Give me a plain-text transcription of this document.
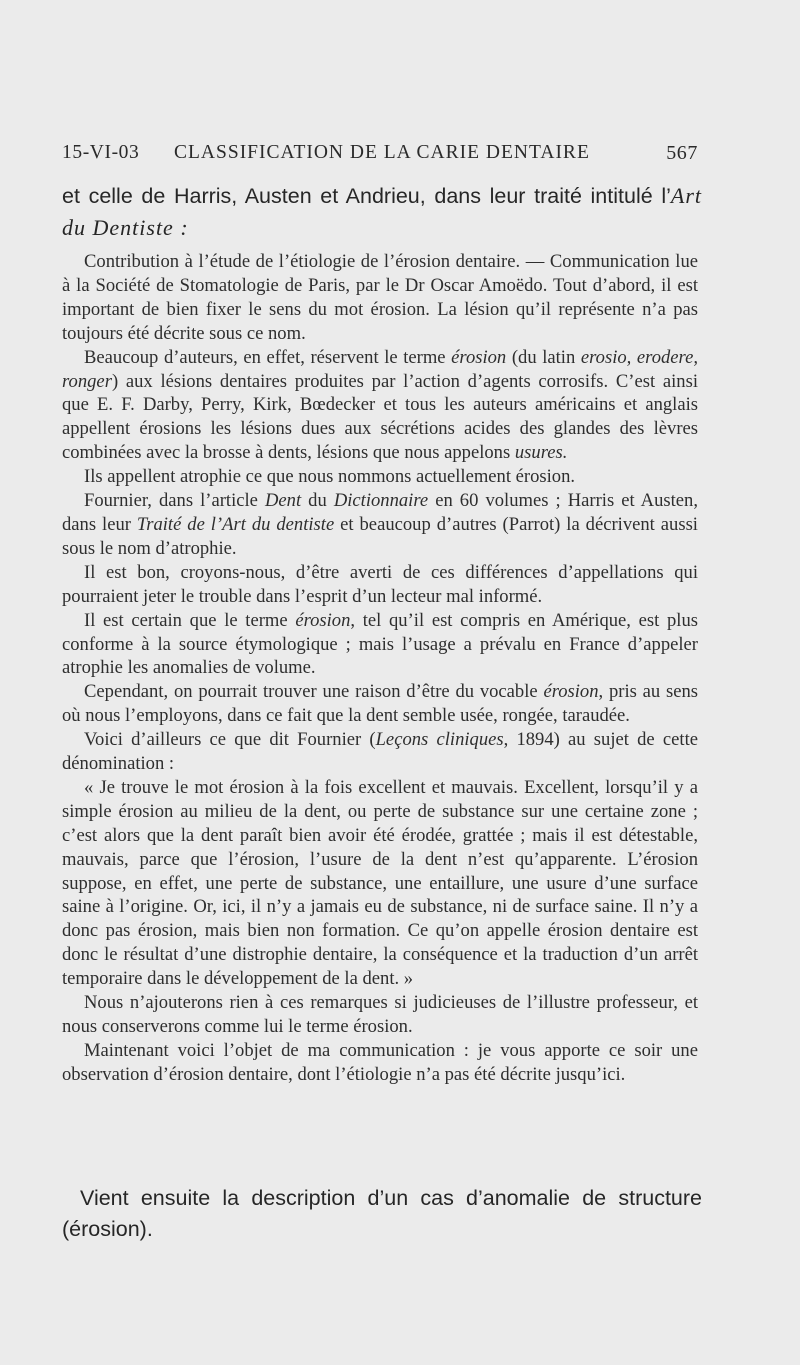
15-VI-03 CLASSIFICATION DE LA CARIE DENTAIRE	567
et celle de Harris, Austen et Andrieu, dans leur traité intitulé l’Art du Dentiste :

Contribution à l’étude de l’étiologie de l’érosion dentaire. — Communication lue à la Société de Stomatologie de Paris, par le Dr Oscar Amoëdo. Tout d’abord, il est important de bien fixer le sens du mot érosion. La lésion qu’il représente n’a pas toujours été décrite sous ce nom.

Beaucoup d’auteurs, en effet, réservent le terme érosion (du latin erosio, erodere, ronger) aux lésions dentaires produites par l’action d’agents corrosifs. C’est ainsi que E. F. Darby, Perry, Kirk, Bœdecker et tous les auteurs américains et anglais appellent érosions les lésions dues aux sécrétions acides des glandes des lèvres combinées avec la brosse à dents, lésions que nous appelons usures.

Ils appellent atrophie ce que nous nommons actuellement érosion.

Fournier, dans l’article Dent du Dictionnaire en 60 volumes ; Harris et Austen, dans leur Traité de l’Art du dentiste et beaucoup d’autres (Parrot) la décrivent aussi sous le nom d’atrophie.

Il est bon, croyons-nous, d’être averti de ces différences d’appellations qui pourraient jeter le trouble dans l’esprit d’un lecteur mal informé.

Il est certain que le terme érosion, tel qu’il est compris en Amérique, est plus conforme à la source étymologique ; mais l’usage a prévalu en France d’appeler atrophie les anomalies de volume.

Cependant, on pourrait trouver une raison d’être du vocable érosion, pris au sens où nous l’employons, dans ce fait que la dent semble usée, rongée, taraudée.

Voici d’ailleurs ce que dit Fournier (Leçons cliniques, 1894) au sujet de cette dénomination :

« Je trouve le mot érosion à la fois excellent et mauvais. Excellent, lorsqu’il y a simple érosion au milieu de la dent, ou perte de substance sur une certaine zone ; c’est alors que la dent paraît bien avoir été érodée, grattée ; mais il est détestable, mauvais, parce que l’érosion, l’usure de la dent n’est qu’apparente. L’érosion suppose, en effet, une perte de substance, une entaillure, une usure d’une surface saine à l’origine. Or, ici, il n’y a jamais eu de substance, ni de surface saine. Il n’y a donc pas érosion, mais bien non formation. Ce qu’on appelle érosion dentaire est donc le résultat d’une distrophie dentaire, la conséquence et la traduction d’un arrêt temporaire dans le développement de la dent. »

Nous n’ajouterons rien à ces remarques si judicieuses de l’illustre professeur, et nous conserverons comme lui le terme érosion.

Maintenant voici l’objet de ma communication : je vous apporte ce soir une observation d’érosion dentaire, dont l’étiologie n’a pas été décrite jusqu’ici.

Vient ensuite la description d’un cas d’anomalie de structure (érosion).
